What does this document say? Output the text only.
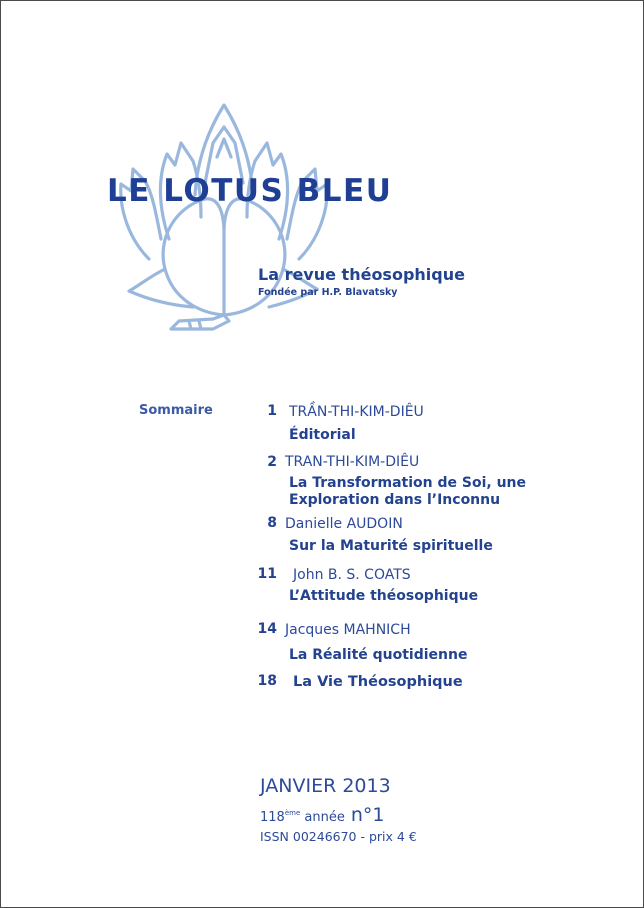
LE LOTUS BLEU
La revue théosophique
Fondée par H.P. Blavatsky
Sommaire	1 TRẦN-THI-KIM-DIÊU
Éditorial
2 TRAN-THI-KIM-DIÊU
La Transformation de Soi, une Exploration dans l’Inconnu
8 Danielle AUDOIN
Sur la Maturité spirituelle
11 John B. S. COATS
L’Attitude théosophique
14 Jacques MAHNICH
La Réalité quotidienne
18 La Vie Théosophique
JANVIER 2013
118ème année n°1
ISSN 00246670 - prix 4 €
